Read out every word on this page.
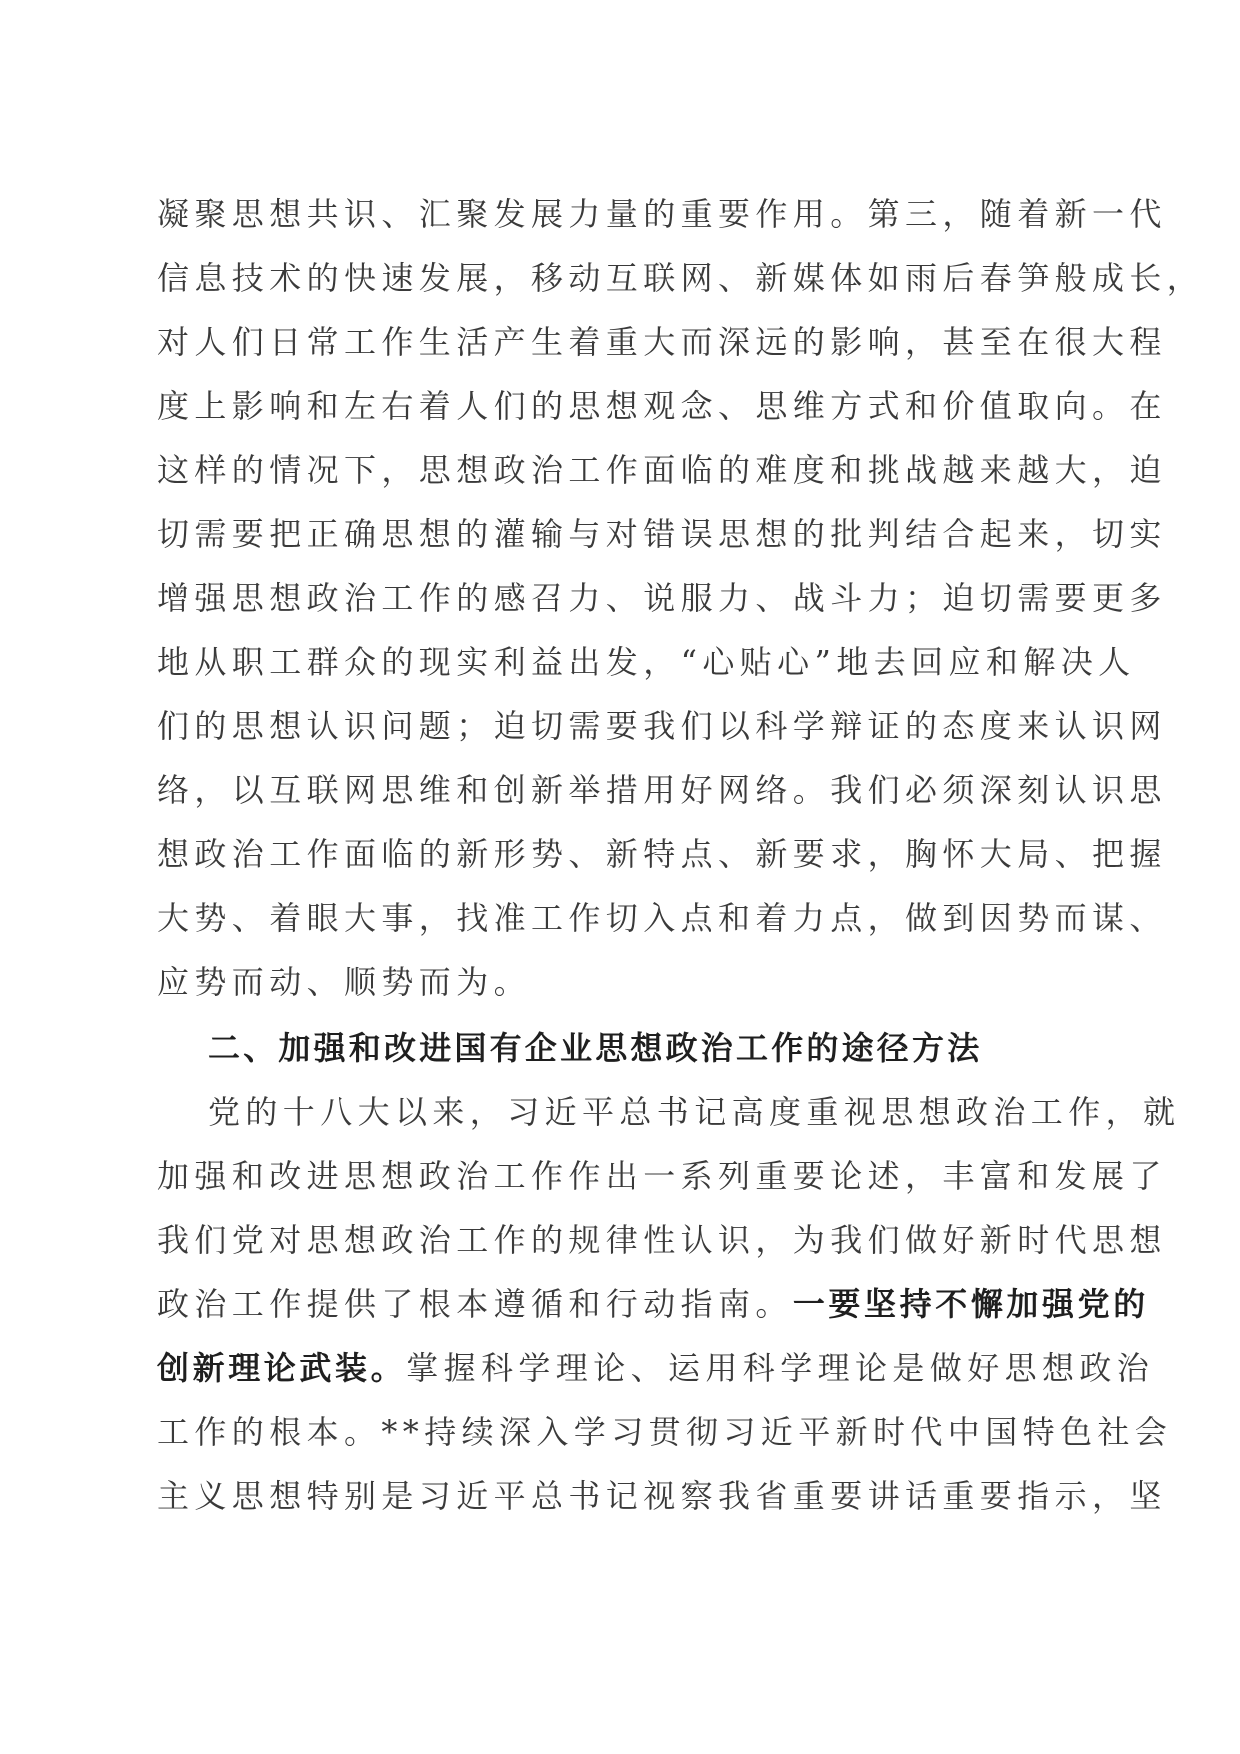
凝聚思想共识、汇聚发展力量的重要作用。第三，随着新一代
信息技术的快速发展，移动互联网、新媒体如雨后春笋般成长，
对人们日常工作生活产生着重大而深远的影响，甚至在很大程
度上影响和左右着人们的思想观念、思维方式和价值取向。在
这样的情况下，思想政治工作面临的难度和挑战越来越大，迫
切需要把正确思想的灌输与对错误思想的批判结合起来，切实
增强思想政治工作的感召力、说服力、战斗力；迫切需要更多
地从职工群众的现实利益出发，“心贴心”地去回应和解决人
们的思想认识问题；迫切需要我们以科学辩证的态度来认识网
络，以互联网思维和创新举措用好网络。我们必须深刻认识思
想政治工作面临的新形势、新特点、新要求，胸怀大局、把握
大势、着眼大事，找准工作切入点和着力点，做到因势而谋、
应势而动、顺势而为。
二、加强和改进国有企业思想政治工作的途径方法
党的十八大以来，习近平总书记高度重视思想政治工作，就
加强和改进思想政治工作作出一系列重要论述，丰富和发展了
我们党对思想政治工作的规律性认识，为我们做好新时代思想
政治工作提供了根本遵循和行动指南。一要坚持不懈加强党的
创新理论武装。掌握科学理论、运用科学理论是做好思想政治
工作的根本。**持续深入学习贯彻习近平新时代中国特色社会
主义思想特别是习近平总书记视察我省重要讲话重要指示，坚
